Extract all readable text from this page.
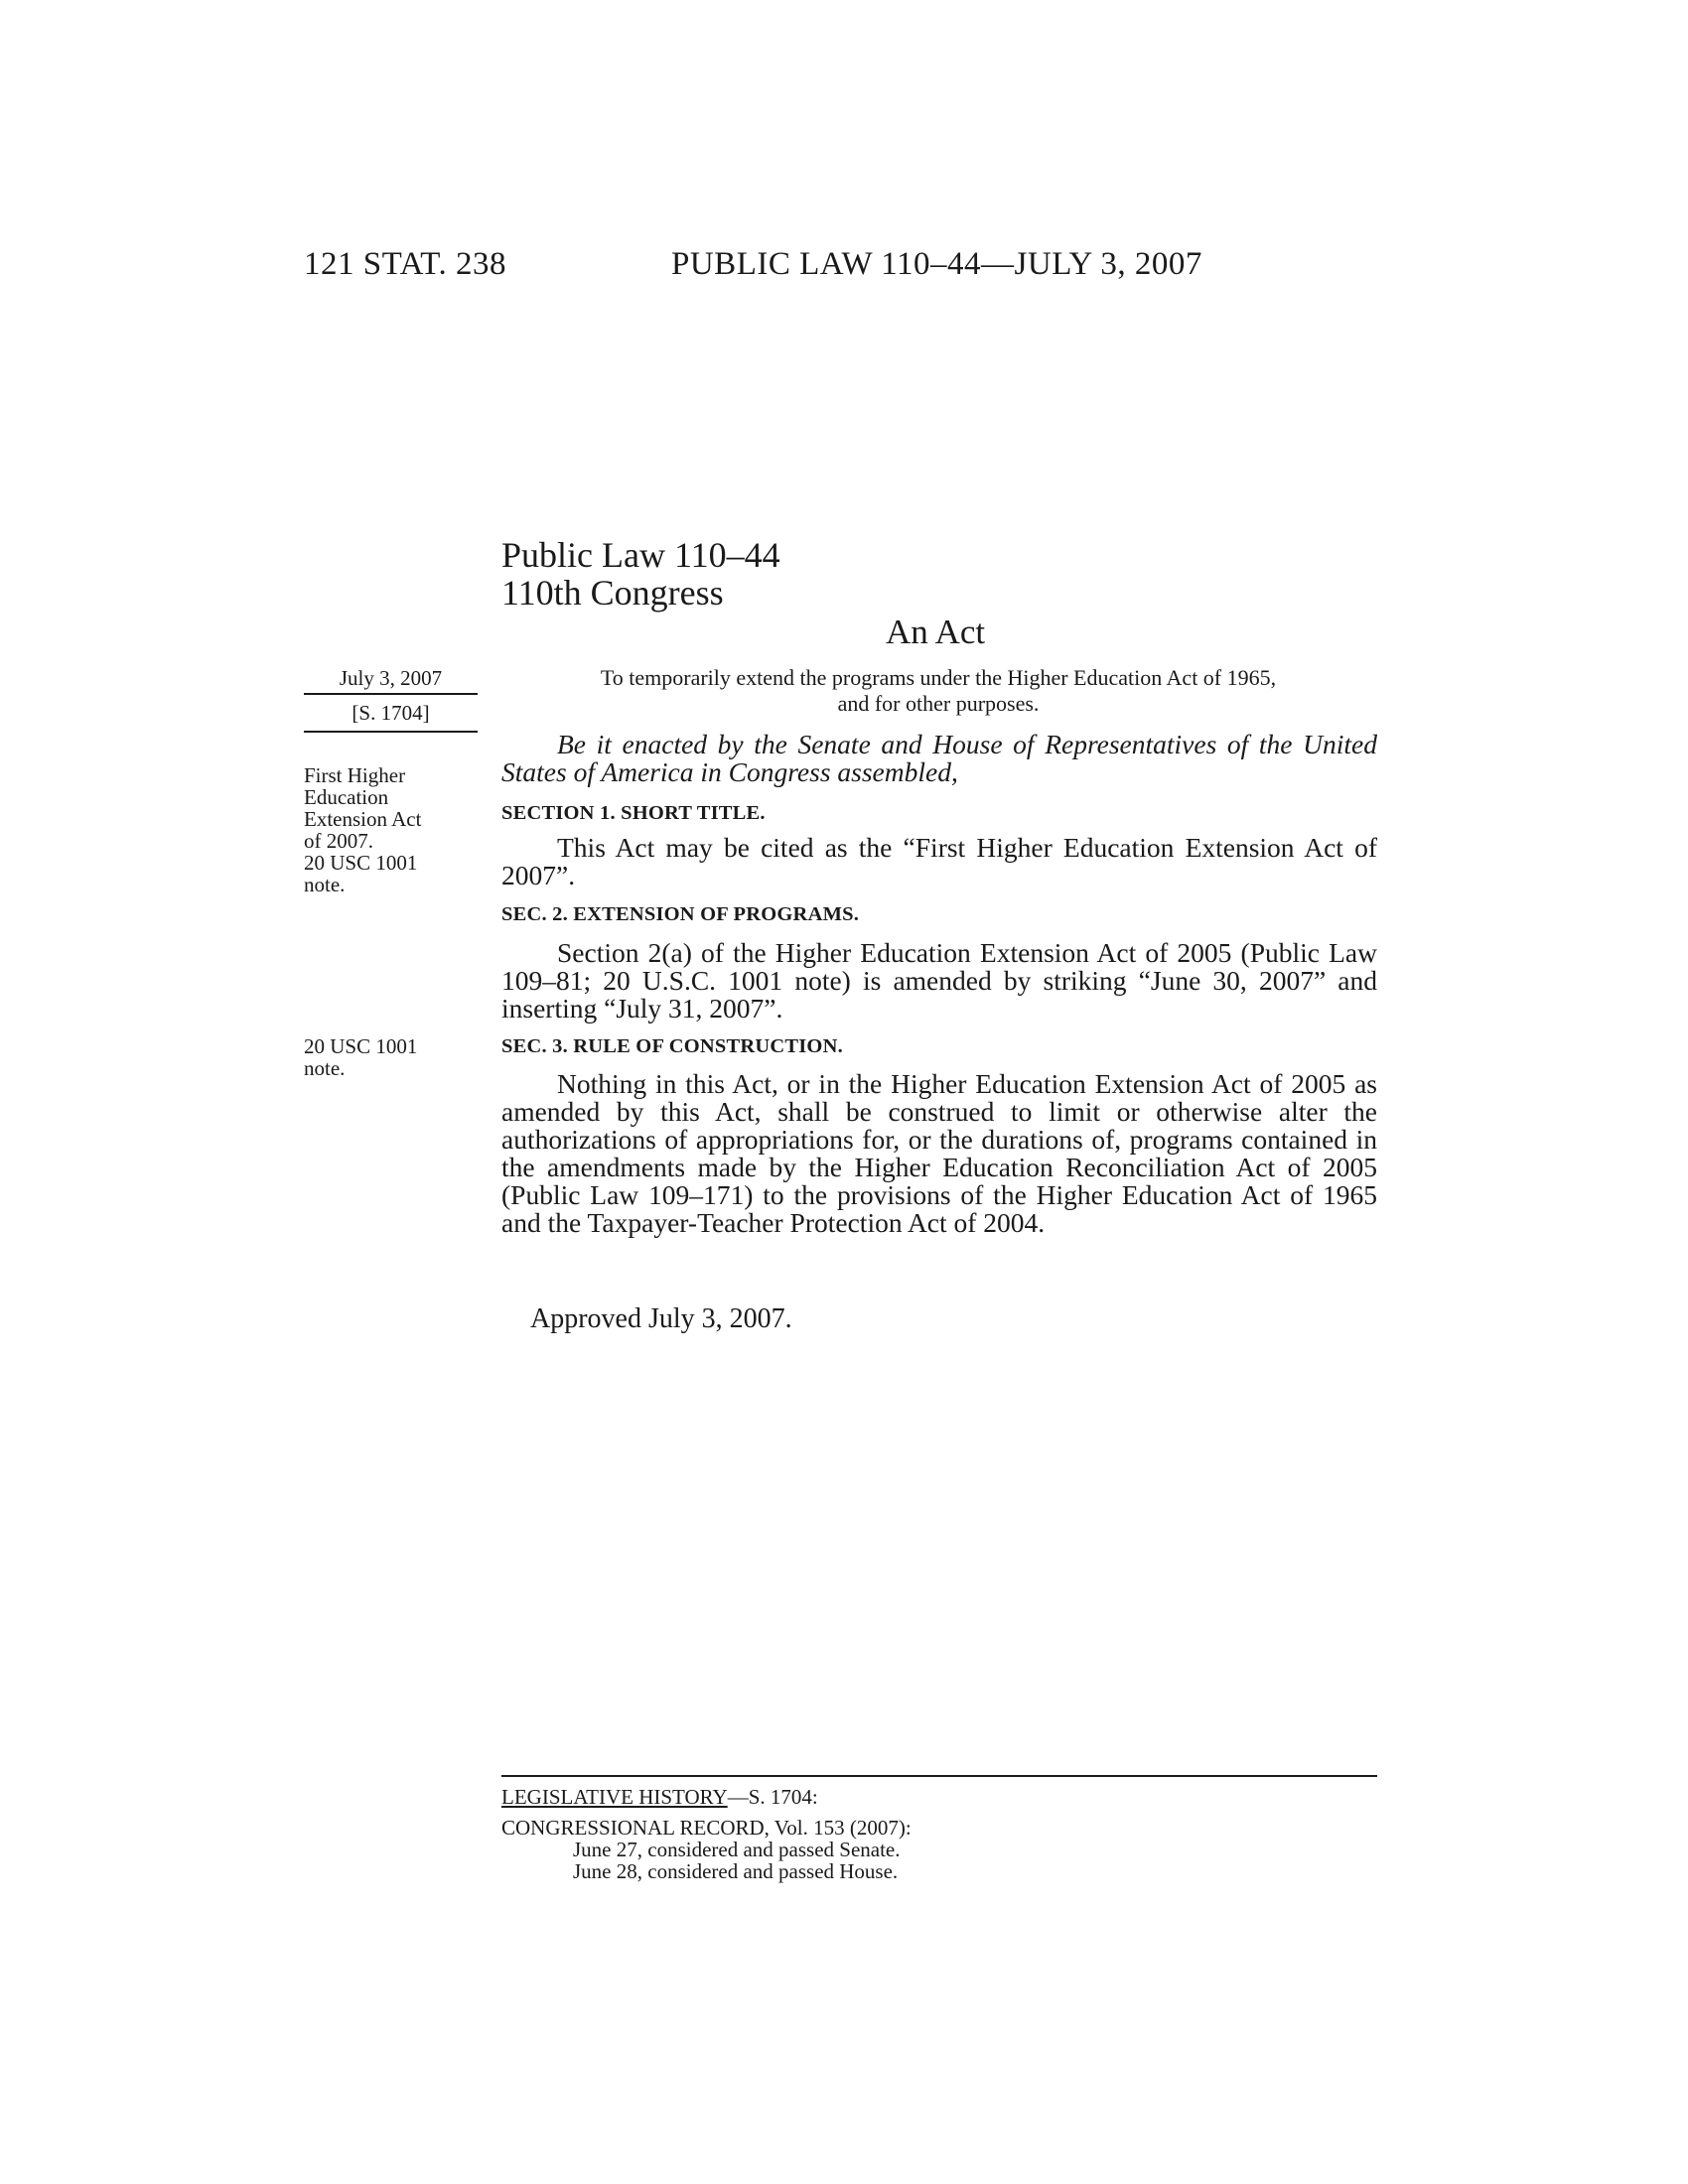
121 STAT. 238	PUBLIC LAW 110–44—JULY 3, 2007
Public Law 110–44
110th Congress
An Act
July 3, 2007
[S. 1704]
To temporarily extend the programs under the Higher Education Act of 1965,
and for other purposes.
First Higher
Education
Extension Act
of 2007.
20 USC 1001
note.
Be it enacted by the Senate and House of Representatives of the United States of America in Congress assembled,
SECTION 1. SHORT TITLE.
This Act may be cited as the “First Higher Education Extension Act of 2007”.
SEC. 2. EXTENSION OF PROGRAMS.
Section 2(a) of the Higher Education Extension Act of 2005 (Public Law 109–81; 20 U.S.C. 1001 note) is amended by striking “June 30, 2007” and inserting “July 31, 2007”.
20 USC 1001
note.
SEC. 3. RULE OF CONSTRUCTION.
Nothing in this Act, or in the Higher Education Extension Act of 2005 as amended by this Act, shall be construed to limit or otherwise alter the authorizations of appropriations for, or the durations of, programs contained in the amendments made by the Higher Education Reconciliation Act of 2005 (Public Law 109–171) to the provisions of the Higher Education Act of 1965 and the Taxpayer-Teacher Protection Act of 2004.
Approved July 3, 2007.
LEGISLATIVE HISTORY—S. 1704:
CONGRESSIONAL RECORD, Vol. 153 (2007):
June 27, considered and passed Senate.
June 28, considered and passed House.
